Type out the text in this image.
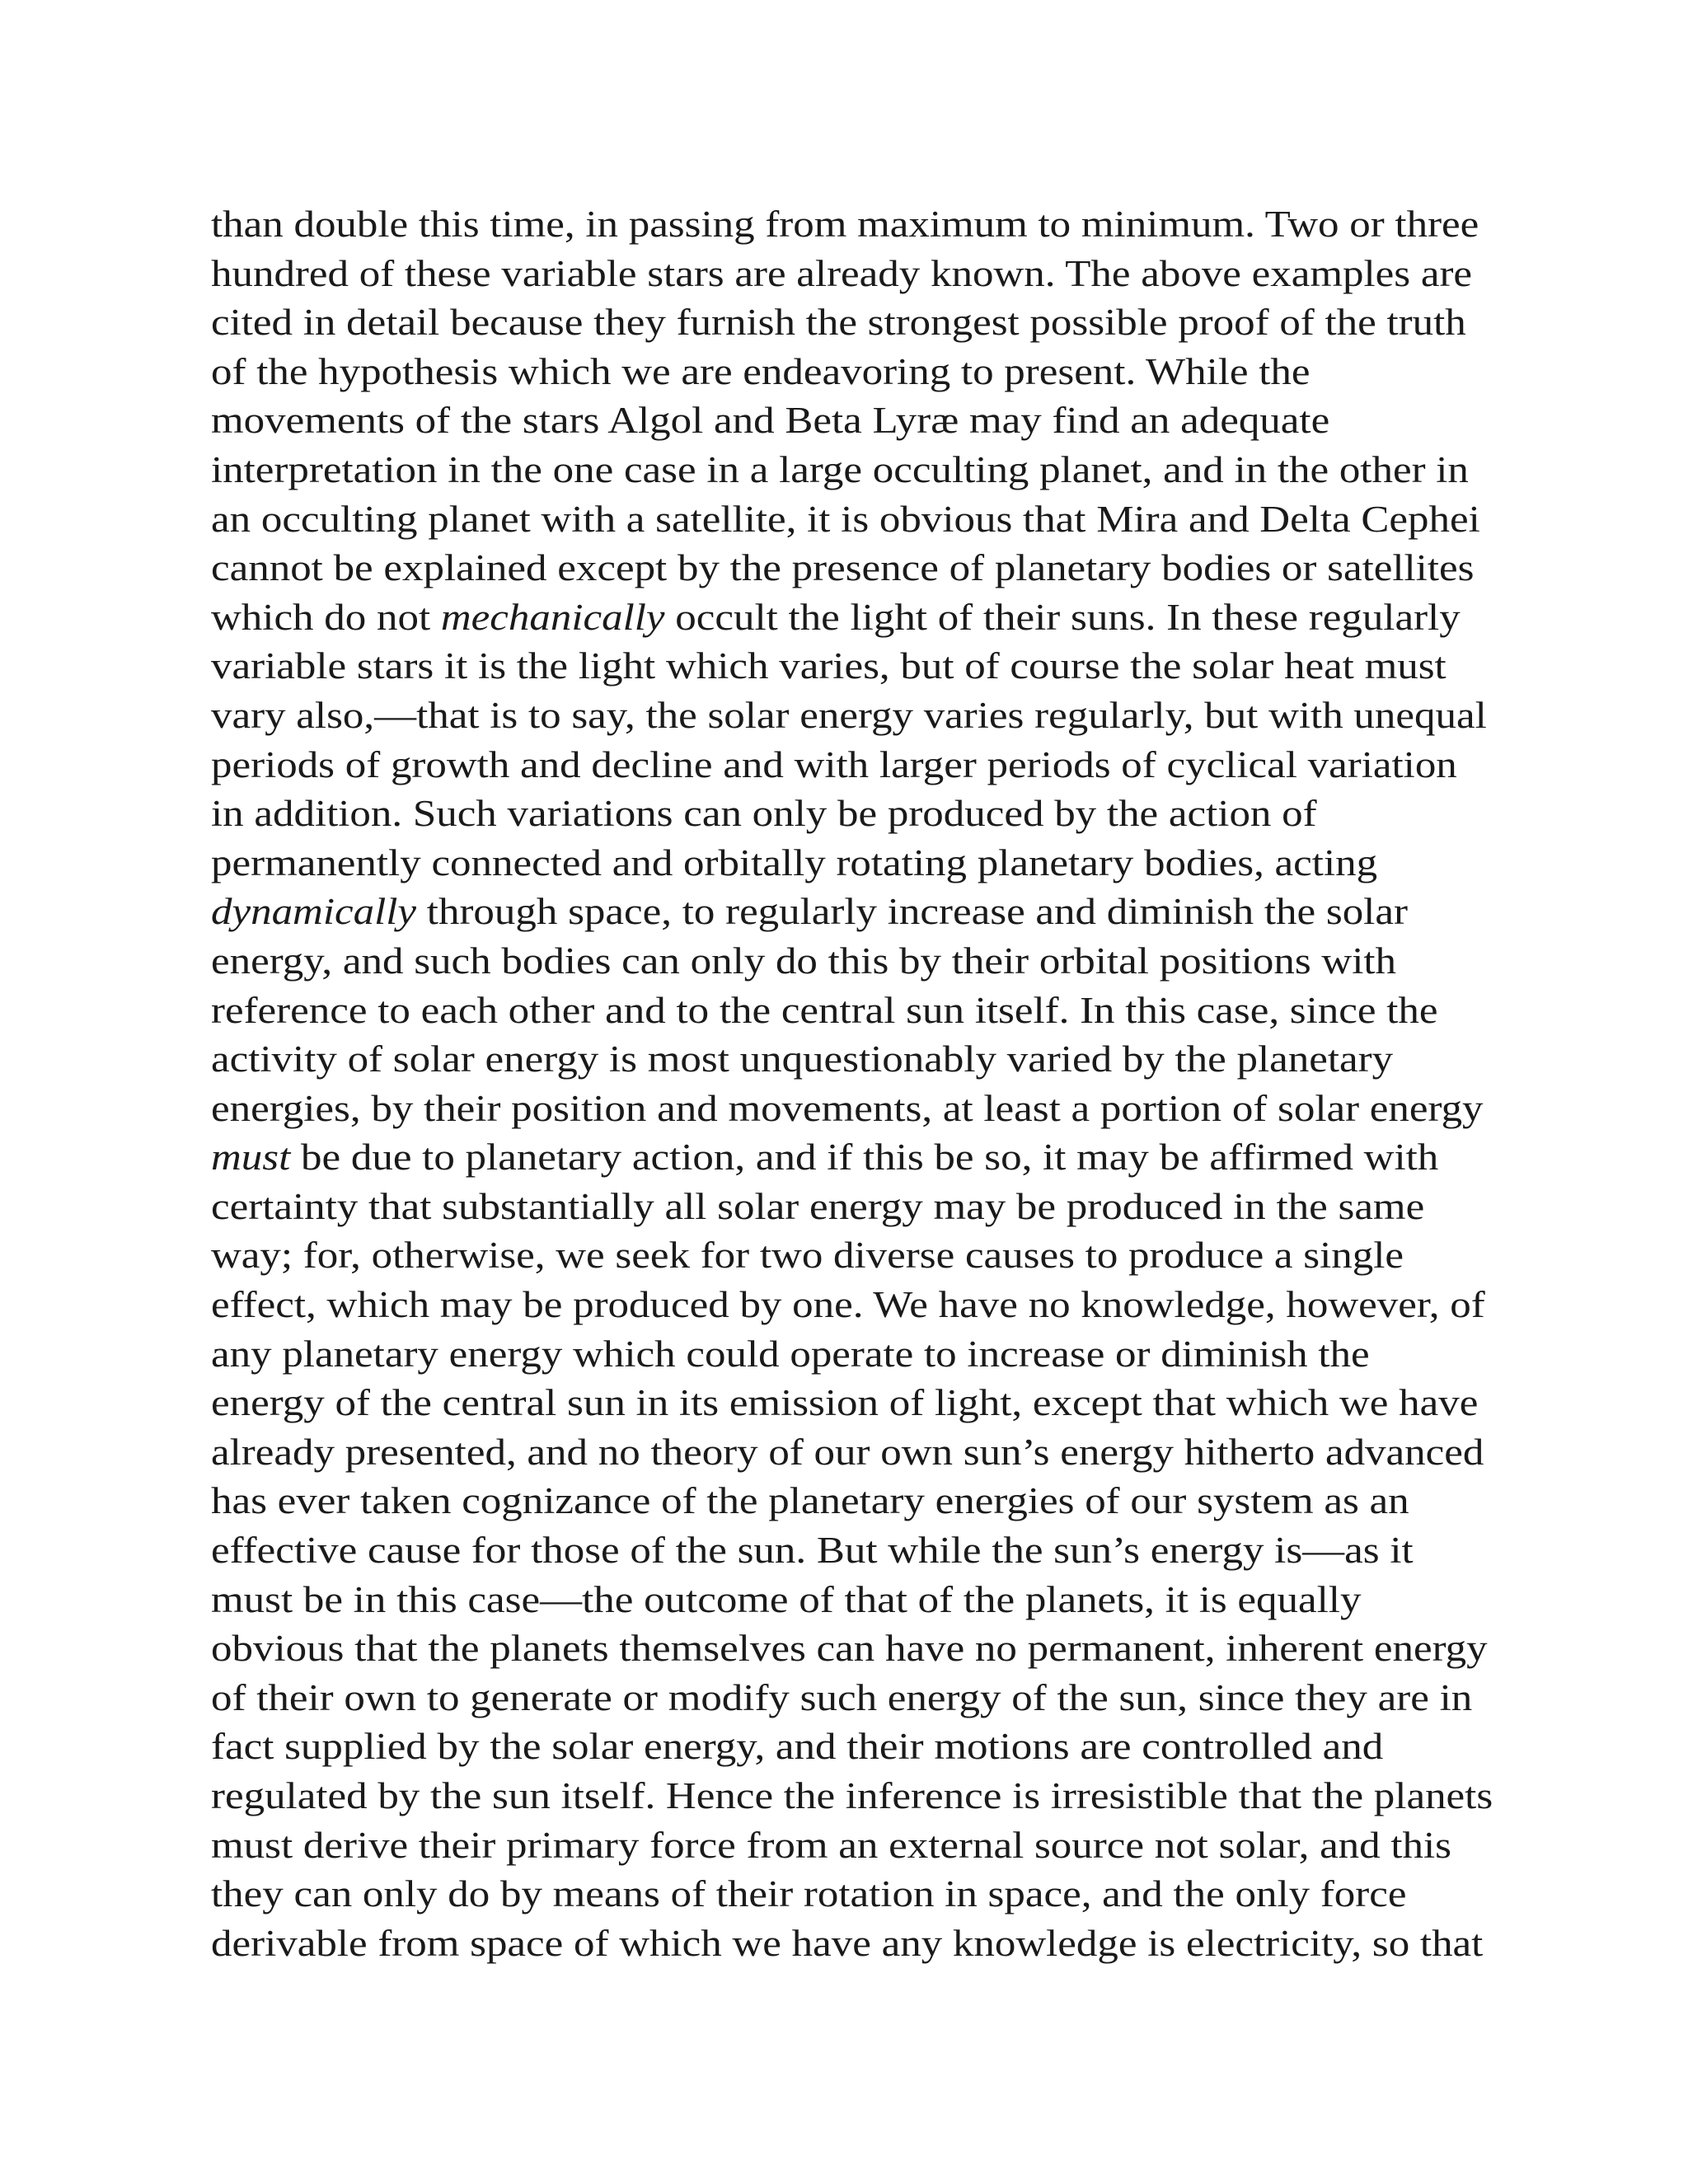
than double this time, in passing from maximum to minimum. Two or three
hundred of these variable stars are already known. The above examples are
cited in detail because they furnish the strongest possible proof of the truth
of the hypothesis which we are endeavoring to present. While the
movements of the stars Algol and Beta Lyræ may find an adequate
interpretation in the one case in a large occulting planet, and in the other in
an occulting planet with a satellite, it is obvious that Mira and Delta Cephei
cannot be explained except by the presence of planetary bodies or satellites
which do not mechanically occult the light of their suns. In these regularly
variable stars it is the light which varies, but of course the solar heat must
vary also,—that is to say, the solar energy varies regularly, but with unequal
periods of growth and decline and with larger periods of cyclical variation
in addition. Such variations can only be produced by the action of
permanently connected and orbitally rotating planetary bodies, acting
dynamically through space, to regularly increase and diminish the solar
energy, and such bodies can only do this by their orbital positions with
reference to each other and to the central sun itself. In this case, since the
activity of solar energy is most unquestionably varied by the planetary
energies, by their position and movements, at least a portion of solar energy
must be due to planetary action, and if this be so, it may be affirmed with
certainty that substantially all solar energy may be produced in the same
way; for, otherwise, we seek for two diverse causes to produce a single
effect, which may be produced by one. We have no knowledge, however, of
any planetary energy which could operate to increase or diminish the
energy of the central sun in its emission of light, except that which we have
already presented, and no theory of our own sun’s energy hitherto advanced
has ever taken cognizance of the planetary energies of our system as an
effective cause for those of the sun. But while the sun’s energy is—as it
must be in this case—the outcome of that of the planets, it is equally
obvious that the planets themselves can have no permanent, inherent energy
of their own to generate or modify such energy of the sun, since they are in
fact supplied by the solar energy, and their motions are controlled and
regulated by the sun itself. Hence the inference is irresistible that the planets
must derive their primary force from an external source not solar, and this
they can only do by means of their rotation in space, and the only force
derivable from space of which we have any knowledge is electricity, so that
